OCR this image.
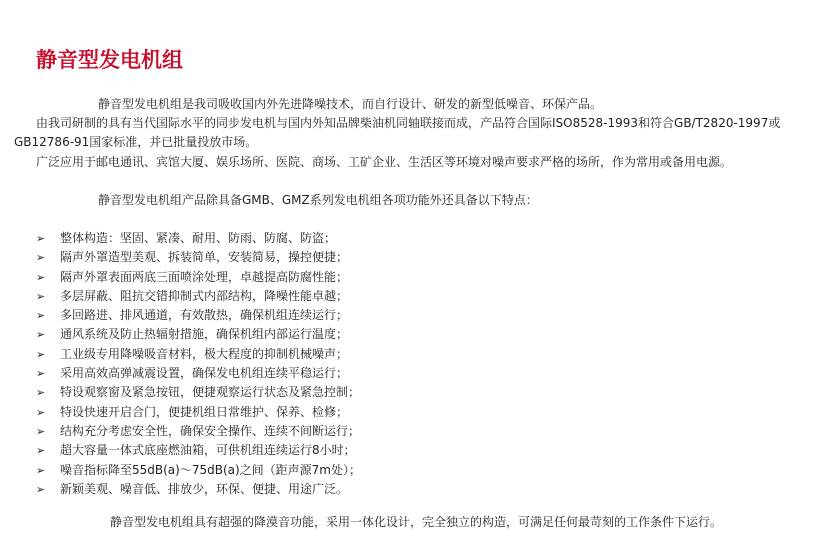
静音型发电机组
静音型发电机组是我司吸收国内外先进降噪技术，而自行设计、研发的新型低噪音、环保产品。
由我司研制的具有当代国际水平的同步发电机与国内外知品牌柴油机同轴联接而成，产品符合国际ISO8528-1993和符合GB/T2820-1997或
GB12786-91国家标准，并已批量投放市场。
广泛应用于邮电通讯、宾馆大厦、娱乐场所、医院、商场、工矿企业、生活区等环境对噪声要求严格的场所，作为常用或备用电源。
静音型发电机组产品除具备GMB、GMZ系列发电机组各项功能外还具备以下特点：
➢ 整体构造：坚固、紧凑、耐用、防雨、防腐、防盗；
➢ 隔声外罩造型美观、拆装简单，安装简易，操控便捷；
➢ 隔声外罩表面两底三面喷涂处理，卓越提高防腐性能；
➢ 多层屏蔽、阻抗交错抑制式内部结构，降噪性能卓越；
➢ 多回路进、排风通道，有效散热，确保机组连续运行；
➢ 通风系统及防止热辐射措施，确保机组内部运行温度；
➢ 工业级专用降噪吸音材料，极大程度的抑制机械噪声；
➢ 采用高效高弹减震设置，确保发电机组连续平稳运行；
➢ 特设观察窗及紧急按钮，便捷观察运行状态及紧急控制；
➢ 特设快速开启合门，便捷机组日常维护、保养、检修；
➢ 结构充分考虑安全性，确保安全操作、连续不间断运行；
➢ 超大容量一体式底座燃油箱，可供机组连续运行8小时；
➢ 噪音指标降至55dB(a)～75dB(a)之间（距声源7m处）；
➢ 新颖美观、噪音低、排放少，环保、便捷、用途广泛。
静音型发电机组具有超强的降漠音功能，采用一体化设计，完全独立的构造，可满足任何最苛刻的工作条件下运行。
